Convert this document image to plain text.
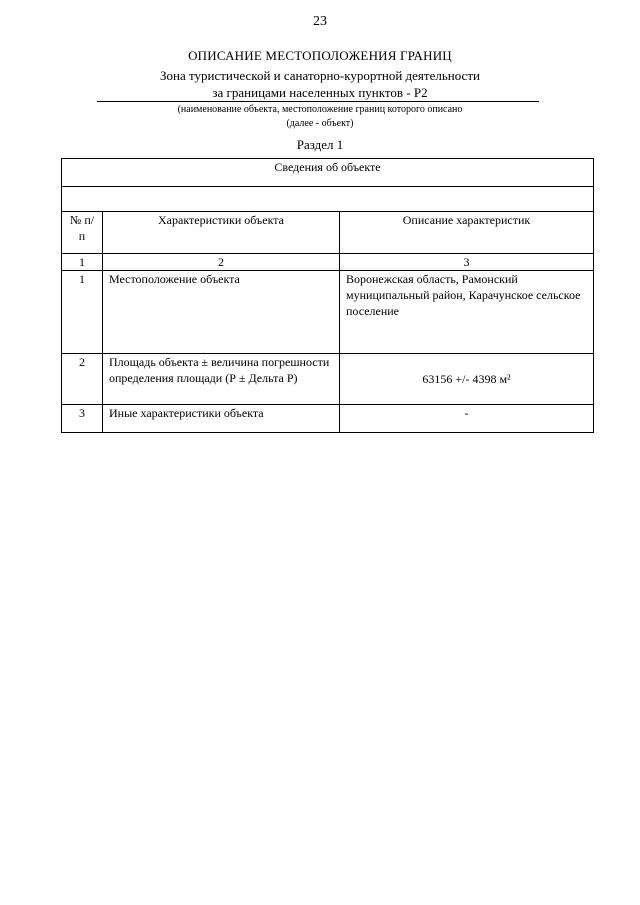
23
ОПИСАНИЕ МЕСТОПОЛОЖЕНИЯ ГРАНИЦ
Зона туристической и санаторно-курортной деятельности
за границами населенных пунктов - Р2
(наименование объекта, местоположение границ которого описано
(далее - объект)
Раздел 1
Сведения об объекте		

№ п/п	Характеристики объекта	Описание характеристик
1	2	3
1	Местоположение объекта	Воронежская область, Рамонский муниципальный район, Карачунское сельское поселение
2	Площадь объекта ± величина погрешности определения площади (Р ± Дельта Р)	63156 +/- 4398 м²
3	Иные характеристики объекта	-
